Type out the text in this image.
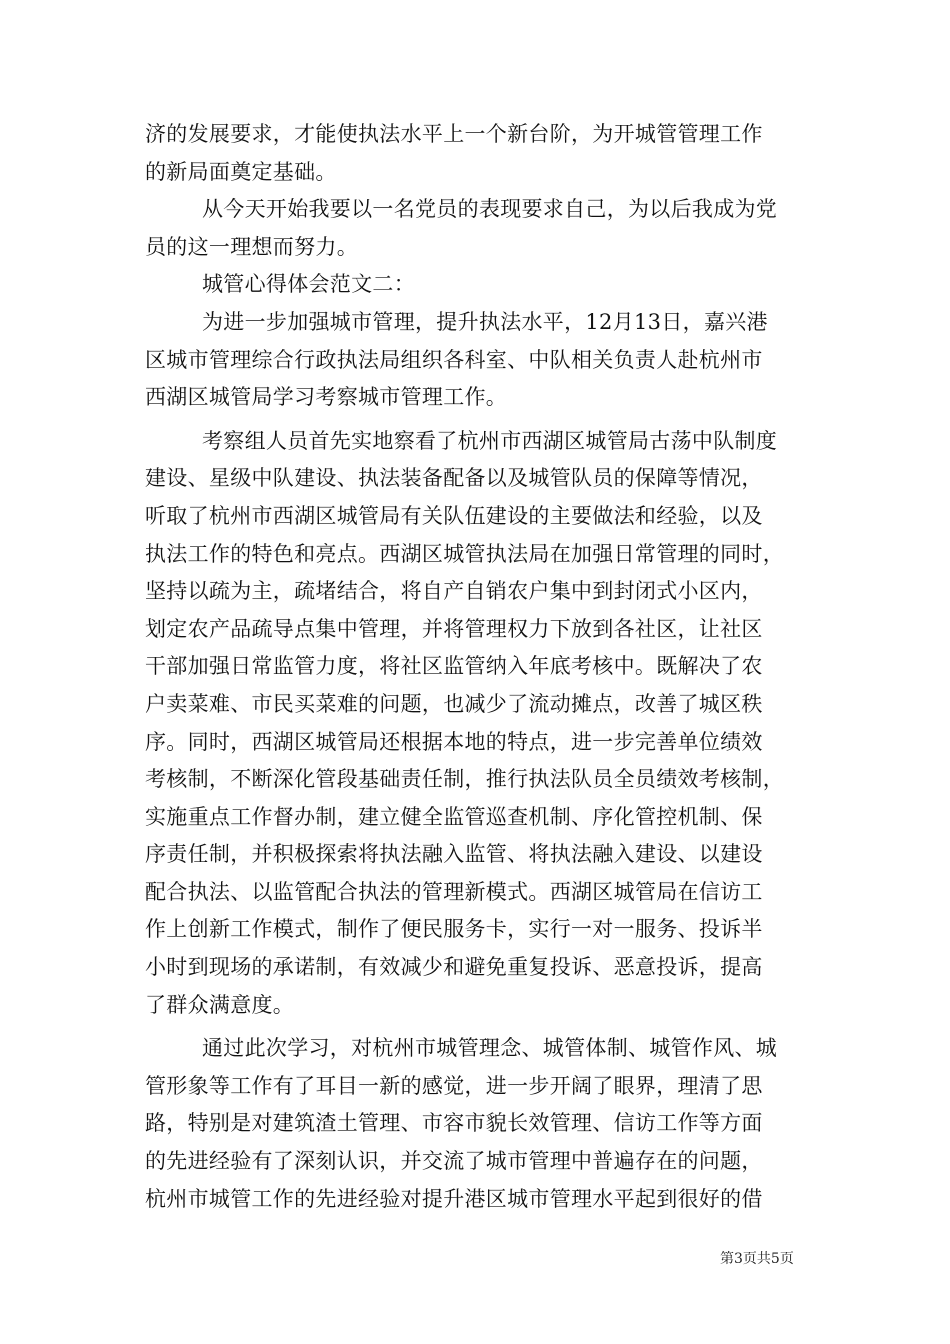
济的发展要求，才能使执法水平上一个新台阶，为开城管管理工作
的新局面奠定基础。
从今天开始我要以一名党员的表现要求自己，为以后我成为党
员的这一理想而努力。
城管心得体会范文二：
为进一步加强城市管理，提升执法水平，12月13日，嘉兴港
区城市管理综合行政执法局组织各科室、中队相关负责人赴杭州市
西湖区城管局学习考察城市管理工作。
考察组人员首先实地察看了杭州市西湖区城管局古荡中队制度
建设、星级中队建设、执法装备配备以及城管队员的保障等情况，
听取了杭州市西湖区城管局有关队伍建设的主要做法和经验，以及
执法工作的特色和亮点。西湖区城管执法局在加强日常管理的同时，
坚持以疏为主，疏堵结合，将自产自销农户集中到封闭式小区内，
划定农产品疏导点集中管理，并将管理权力下放到各社区，让社区
干部加强日常监管力度，将社区监管纳入年底考核中。既解决了农
户卖菜难、市民买菜难的问题，也减少了流动摊点，改善了城区秩
序。同时，西湖区城管局还根据本地的特点，进一步完善单位绩效
考核制，不断深化管段基础责任制，推行执法队员全员绩效考核制，
实施重点工作督办制，建立健全监管巡查机制、序化管控机制、保
序责任制，并积极探索将执法融入监管、将执法融入建设、以建设
配合执法、以监管配合执法的管理新模式。西湖区城管局在信访工
作上创新工作模式，制作了便民服务卡，实行一对一服务、投诉半
小时到现场的承诺制，有效减少和避免重复投诉、恶意投诉，提高
了群众满意度。
通过此次学习，对杭州市城管理念、城管体制、城管作风、城
管形象等工作有了耳目一新的感觉，进一步开阔了眼界，理清了思
路，特别是对建筑渣土管理、市容市貌长效管理、信访工作等方面
的先进经验有了深刻认识，并交流了城市管理中普遍存在的问题，
杭州市城管工作的先进经验对提升港区城市管理水平起到很好的借
第3页共5页
